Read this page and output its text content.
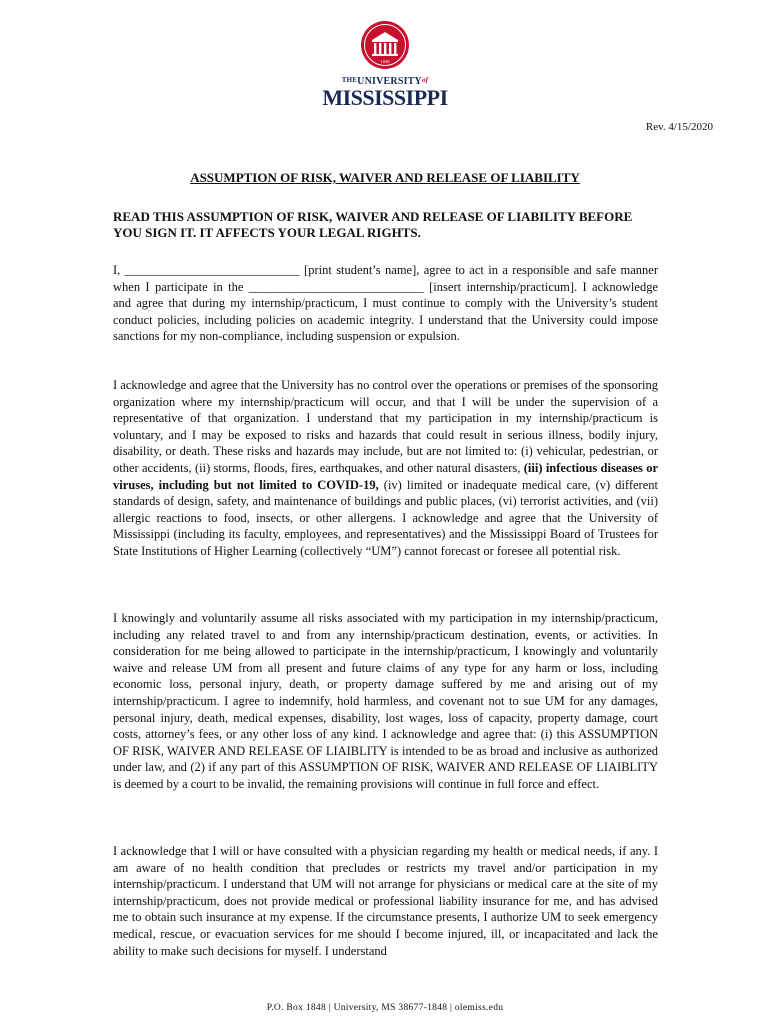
1848
$^{THE}UNIVERSITY^{of}$
MISSISSIPPI
Rev. 4/15/2020
ASSUMPTION OF RISK, WAIVER AND RELEASE OF LIABILITY
READ THIS ASSUMPTION OF RISK, WAIVER AND RELEASE OF LIABILITY BEFORE YOU SIGN IT. IT AFFECTS YOUR LEGAL RIGHTS.
I, ____________________________ [print student’s name], agree to act in a responsible and safe manner when I participate in the ____________________________ [insert internship/practicum]. I acknowledge and agree that during my internship/practicum, I must continue to comply with the University’s student conduct policies, including policies on academic integrity. I understand that the University could impose sanctions for my non-compliance, including suspension or expulsion.
I acknowledge and agree that the University has no control over the operations or premises of the sponsoring organization where my internship/practicum will occur, and that I will be under the supervision of a representative of that organization. I understand that my participation in my internship/practicum is voluntary, and I may be exposed to risks and hazards that could result in serious illness, bodily injury, disability, or death. These risks and hazards may include, but are not limited to: (i) vehicular, pedestrian, or other accidents, (ii) storms, floods, fires, earthquakes, and other natural disasters, (iii) infectious diseases or viruses, including but not limited to COVID-19, (iv) limited or inadequate medical care, (v) different standards of design, safety, and maintenance of buildings and public places, (vi) terrorist activities, and (vii) allergic reactions to food, insects, or other allergens. I acknowledge and agree that the University of Mississippi (including its faculty, employees, and representatives) and the Mississippi Board of Trustees for State Institutions of Higher Learning (collectively “UM”) cannot forecast or foresee all potential risk.
I knowingly and voluntarily assume all risks associated with my participation in my internship/practicum, including any related travel to and from any internship/practicum destination, events, or activities. In consideration for me being allowed to participate in the internship/practicum, I knowingly and voluntarily waive and release UM from all present and future claims of any type for any harm or loss, including economic loss, personal injury, death, or property damage suffered by me and arising out of my internship/practicum. I agree to indemnify, hold harmless, and covenant not to sue UM for any damages, personal injury, death, medical expenses, disability, lost wages, loss of capacity, property damage, court costs, attorney’s fees, or any other loss of any kind. I acknowledge and agree that: (i) this ASSUMPTION OF RISK, WAIVER AND RELEASE OF LIAIBLITY is intended to be as broad and inclusive as authorized under law, and (2) if any part of this ASSUMPTION OF RISK, WAIVER AND RELEASE OF LIAIBLITY is deemed by a court to be invalid, the remaining provisions will continue in full force and effect.
I acknowledge that I will or have consulted with a physician regarding my health or medical needs, if any. I am aware of no health condition that precludes or restricts my travel and/or participation in my internship/practicum. I understand that UM will not arrange for physicians or medical care at the site of my internship/practicum, does not provide medical or professional liability insurance for me, and has advised me to obtain such insurance at my expense. If the circumstance presents, I authorize UM to seek emergency medical, rescue, or evacuation services for me should I become injured, ill, or incapacitated and lack the ability to make such decisions for myself. I understand
P.O. Box 1848 | University, MS 38677-1848 | olemiss.edu
